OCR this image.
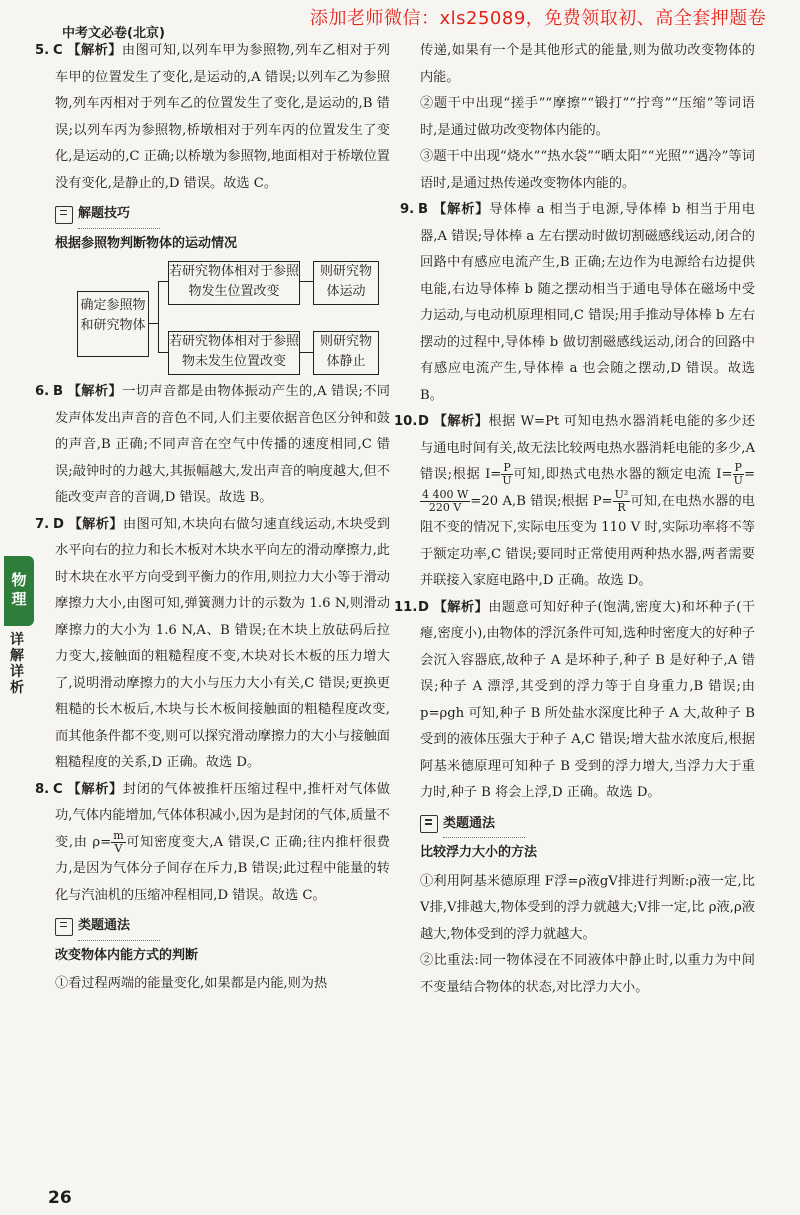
添加老师微信：xls25089，免费领取初、高全套押题卷
中考文必卷(北京)
物理
详解详析

5. C 【解析】由图可知,以列车甲为参照物,列车乙相对于列车甲的位置发生了变化,是运动的,A 错误;以列车乙为参照物,列车丙相对于列车乙的位置发生了变化,是运动的,B 错误;以列车丙为参照物,桥墩相对于列车丙的位置发生了变化,是运动的,C 正确;以桥墩为参照物,地面相对于桥墩位置没有变化,是静止的,D 错误。故选 C。

解题技巧
根据参照物判断物体的运动情况
确定参照物和研究物体
若研究物体相对于参照物发生位置改变
则研究物体运动
若研究物体相对于参照物未发生位置改变
则研究物体静止

6. B 【解析】一切声音都是由物体振动产生的,A 错误;不同发声体发出声音的音色不同,人们主要依据音色区分钟和鼓的声音,B 正确;不同声音在空气中传播的速度相同,C 错误;敲钟时的力越大,其振幅越大,发出声音的响度越大,但不能改变声音的音调,D 错误。故选 B。

7. D 【解析】由图可知,木块向右做匀速直线运动,木块受到水平向右的拉力和长木板对木块水平向左的滑动摩擦力,此时木块在水平方向受到平衡力的作用,则拉力大小等于滑动摩擦力大小,由图可知,弹簧测力计的示数为 1.6 N,则滑动摩擦力的大小为 1.6 N,A、B 错误;在木块上放砝码后拉力变大,接触面的粗糙程度不变,木块对长木板的压力增大了,说明滑动摩擦力的大小与压力大小有关,C 错误;更换更粗糙的长木板后,木块与长木板间接触面的粗糙程度改变,而其他条件都不变,则可以探究滑动摩擦力的大小与接触面粗糙程度的关系,D 正确。故选 D。

8. C 【解析】封闭的气体被推杆压缩过程中,推杆对气体做功,气体内能增加,气体体积减小,因为是封闭的气体,质量不变,由 $\rho= \frac{m}{V}$ 可知密度变大,A 错误,C 正确;往内推杆很费力,是因为气体分子间存在斥力,B 错误;此过程中能量的转化与汽油机的压缩冲程相同,D 错误。故选 C。

类题通法
改变物体内能方式的判断

①看过程两端的能量变化,如果都是内能,则为热

传递,如果有一个是其他形式的能量,则为做功改变物体的内能。

②题干中出现“搓手”“摩擦”“锻打”“拧弯”“压缩”等词语时,是通过做功改变物体内能的。

③题干中出现“烧水”“热水袋”“晒太阳”“光照”“遇冷”等词语时,是通过热传递改变物体内能的。

9. B 【解析】导体棒 a 相当于电源,导体棒 b 相当于用电器,A 错误;导体棒 a 左右摆动时做切割磁感线运动,闭合的回路中有感应电流产生,B 正确;左边作为电源给右边提供电能,右边导体棒 b 随之摆动相当于通电导体在磁场中受力运动,与电动机原理相同,C 错误;用手推动导体棒 b 左右摆动的过程中,导体棒 b 做切割磁感线运动,闭合的回路中有感应电流产生,导体棒 a 也会随之摆动,D 错误。故选 B。

10.D 【解析】根据 W=Pt 可知电热水器消耗电能的多少还与通电时间有关,故无法比较两电热水器消耗电能的多少,A 错误;根据 $I= \frac{P}{U}$ 可知,即热式电热水器的额定电流 $I= \frac{P}{U}$ =
$\frac{4 400 W}{220 V} =20$ A,B 错误;根据 $P= \frac{\text{U²}}{R}$ 可知,在电热水器的电阻不变的情况下,实际电压变为 110 V 时,实际功率将不等于额定功率,C 错误;要同时正常使用两种热水器,两者需要并联接入家庭电路中,D 正确。故选 D。

11.D 【解析】由题意可知好种子(饱满,密度大)和坏种子(干瘪,密度小),由物体的浮沉条件可知,选种时密度大的好种子会沉入容器底,故种子 A 是坏种子,种子 B 是好种子,A 错误;种子 A 漂浮,其受到的浮力等于自身重力,B 错误;由 p=ρgh 可知,种子 B 所处盐水深度比种子 A 大,故种子 B 受到的液体压强大于种子 A,C 错误;增大盐水浓度后,根据阿基米德原理可知种子 B 受到的浮力增大,当浮力大于重力时,种子 B 将会上浮,D 正确。故选 D。

类题通法
比较浮力大小的方法

①利用阿基米德原理 F浮=ρ液gV排进行判断:ρ液一定,比 V排,V排越大,物体受到的浮力就越大;V排一定,比 ρ液,ρ液越大,物体受到的浮力就越大。

②比重法:同一物体浸在不同液体中静止时,以重力为中间不变量结合物体的状态,对比浮力大小。

26
